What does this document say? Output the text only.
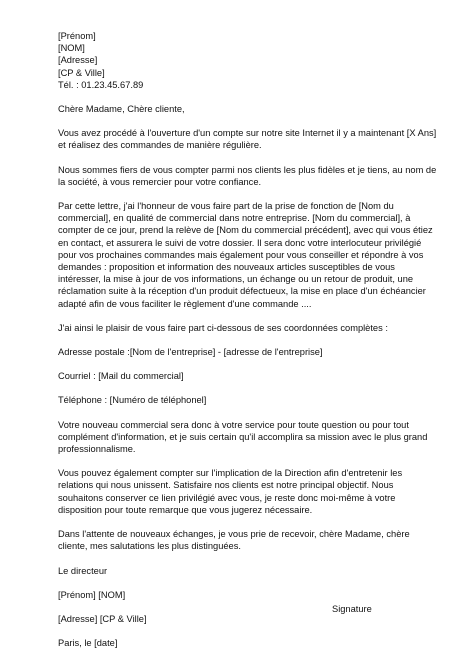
[Prénom]
[NOM]
[Adresse]
[CP & Ville]
Tél. : 01.23.45.67.89

Chère Madame, Chère cliente,

Vous avez procédé à l'ouverture d'un compte sur notre site Internet il y a maintenant [X Ans]
et réalisez des commandes de manière régulière.

Nous sommes fiers de vous compter parmi nos clients les plus fidèles et je tiens, au nom de
la société, à vous remercier pour votre confiance.

Par cette lettre, j'ai l'honneur de vous faire part de la prise de fonction de [Nom du
commercial], en qualité de commercial dans notre entreprise. [Nom du commercial], à
compter de ce jour, prend la relève de [Nom du commercial précédent], avec qui vous étiez
en contact, et assurera le suivi de votre dossier. Il sera donc votre interlocuteur privilégié
pour vos prochaines commandes mais également pour vous conseiller et répondre à vos
demandes : proposition et information des nouveaux articles susceptibles de vous
intéresser, la mise à jour de vos informations, un échange ou un retour de produit, une
réclamation suite à la réception d'un produit défectueux, la mise en place d'un échéancier
adapté afin de vous faciliter le règlement d'une commande ....

J'ai ainsi le plaisir de vous faire part ci-dessous de ses coordonnées complètes :

Adresse postale :[Nom de l'entreprise] - [adresse de l'entreprise]

Courriel : [Mail du commercial]

Téléphone : [Numéro de téléphonel]

Votre nouveau commercial sera donc à votre service pour toute question ou pour tout
complément d'information, et je suis certain qu'il accomplira sa mission avec le plus grand
professionnalisme.

Vous pouvez également compter sur l'implication de la Direction afin d'entretenir les
relations qui nous unissent. Satisfaire nos clients est notre principal objectif. Nous
souhaitons conserver ce lien privilégié avec vous, je reste donc moi-même à votre
disposition pour toute remarque que vous jugerez nécessaire.

Dans l'attente de nouveaux échanges, je vous prie de recevoir, chère Madame, chère
cliente, mes salutations les plus distinguées.

Le directeur

[Prénom] [NOM]

[Adresse] [CP & Ville]

Paris, le [date]

Signature
